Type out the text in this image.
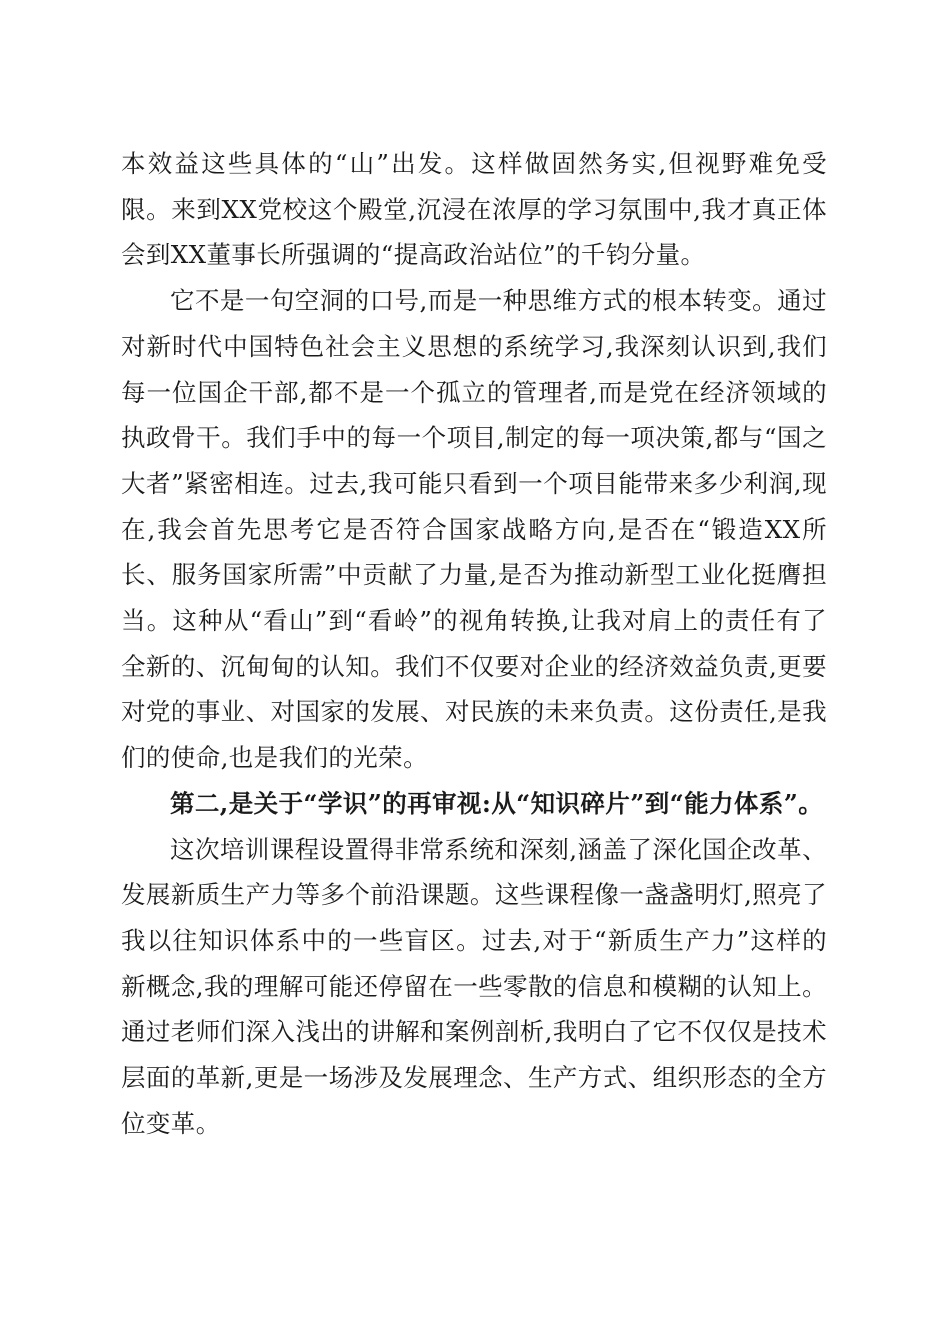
本效益这些具体的“山”出发。这样做固然务实,但视野难免受限。来到XX党校这个殿堂,沉浸在浓厚的学习氛围中,我才真正体会到XX董事长所强调的“提高政治站位”的千钧分量。

它不是一句空洞的口号,而是一种思维方式的根本转变。通过对新时代中国特色社会主义思想的系统学习,我深刻认识到,我们每一位国企干部,都不是一个孤立的管理者,而是党在经济领域的执政骨干。我们手中的每一个项目,制定的每一项决策,都与“国之大者”紧密相连。过去,我可能只看到一个项目能带来多少利润,现在,我会首先思考它是否符合国家战略方向,是否在“锻造XX所长、服务国家所需”中贡献了力量,是否为推动新型工业化挺膺担当。这种从“看山”到“看岭”的视角转换,让我对肩上的责任有了全新的、沉甸甸的认知。我们不仅要对企业的经济效益负责,更要对党的事业、对国家的发展、对民族的未来负责。这份责任,是我们的使命,也是我们的光荣。

第二,是关于“学识”的再审视:从“知识碎片”到“能力体系”。

这次培训课程设置得非常系统和深刻,涵盖了深化国企改革、发展新质生产力等多个前沿课题。这些课程像一盏盏明灯,照亮了我以往知识体系中的一些盲区。过去,对于“新质生产力”这样的新概念,我的理解可能还停留在一些零散的信息和模糊的认知上。通过老师们深入浅出的讲解和案例剖析,我明白了它不仅仅是技术层面的革新,更是一场涉及发展理念、生产方式、组织形态的全方位变革。
